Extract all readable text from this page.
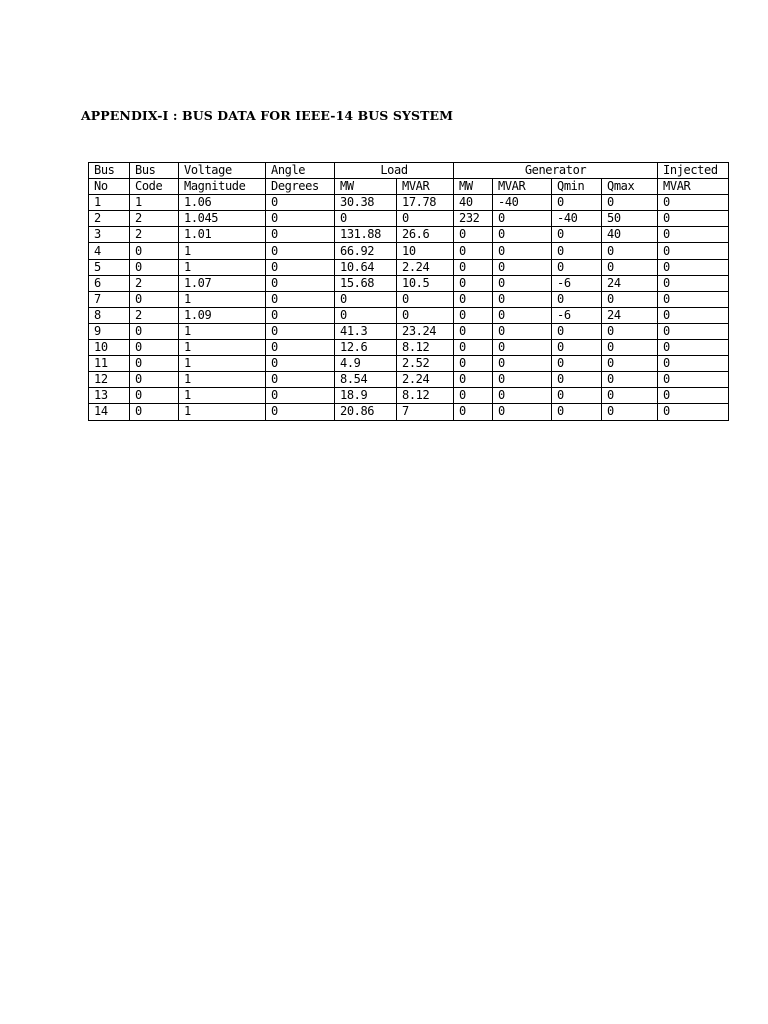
APPENDIX-I : BUS DATA FOR IEEE-14 BUS SYSTEM
Bus	Bus	Voltage	Angle	Load		Generator				Injected
No	Code	Magnitude	Degrees	MW	MVAR	MW	MVAR	Qmin	Qmax	MVAR
1	1	1.06	0	30.38	17.78	40	-40	0	0	0
2	2	1.045	0	0	0	232	0	-40	50	0
3	2	1.01	0	131.88	26.6	0	0	0	40	0
4	0	1	0	66.92	10	0	0	0	0	0
5	0	1	0	10.64	2.24	0	0	0	0	0
6	2	1.07	0	15.68	10.5	0	0	-6	24	0
7	0	1	0	0	0	0	0	0	0	0
8	2	1.09	0	0	0	0	0	-6	24	0
9	0	1	0	41.3	23.24	0	0	0	0	0
10	0	1	0	12.6	8.12	0	0	0	0	0
11	0	1	0	4.9	2.52	0	0	0	0	0
12	0	1	0	8.54	2.24	0	0	0	0	0
13	0	1	0	18.9	8.12	0	0	0	0	0
14	0	1	0	20.86	7	0	0	0	0	0
